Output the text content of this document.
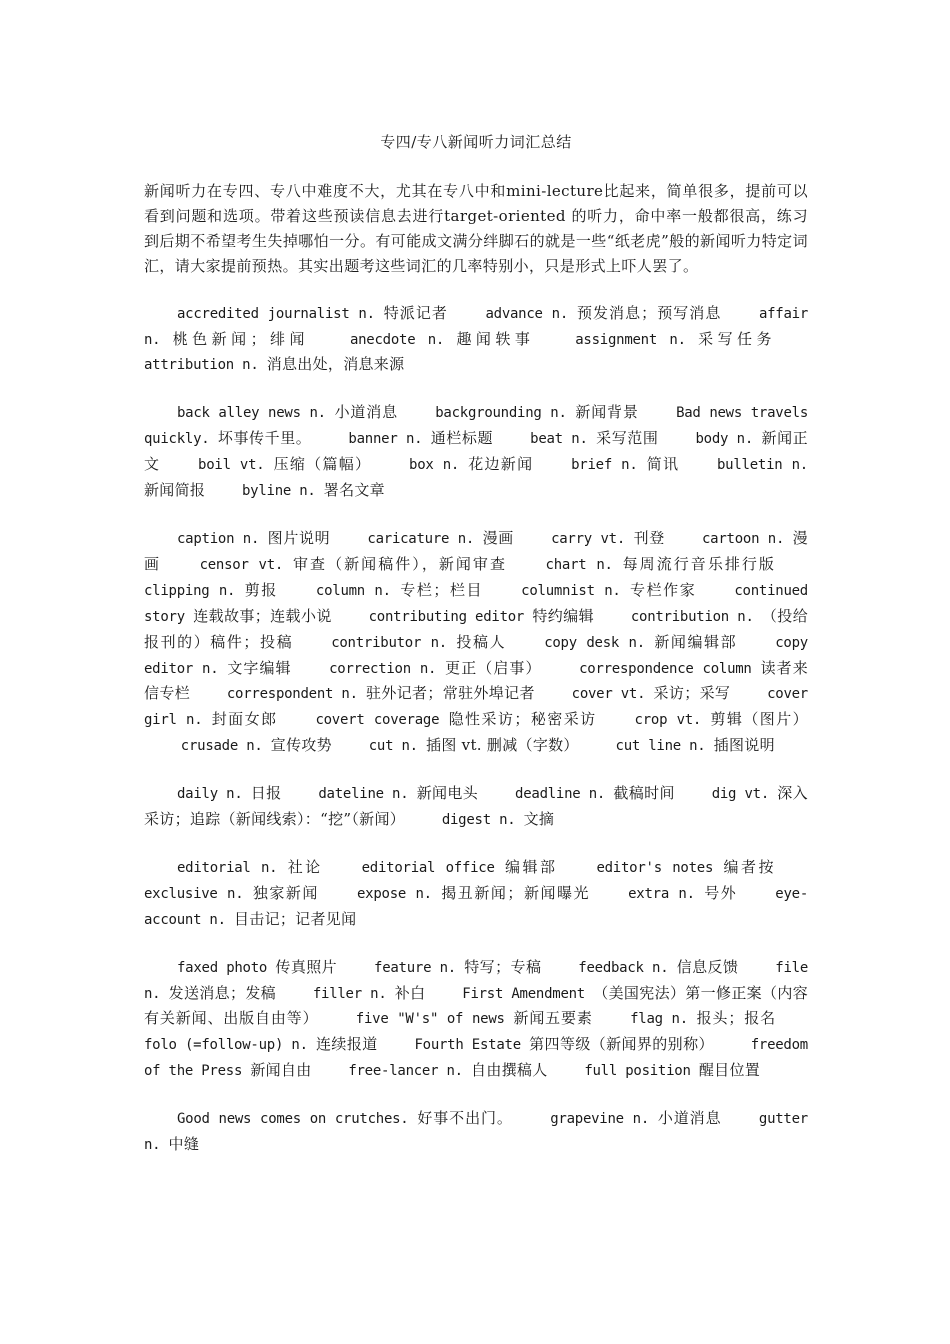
专四/专八新闻听力词汇总结
新闻听力在专四、专八中难度不大，尤其在专八中和mini-lecture比起来，简单很多，提前可以看到问题和选项。带着这些预读信息去进行target-oriented 的听力，命中率一般都很高，练习到后期不希望考生失掉哪怕一分。有可能成文满分绊脚石的就是一些“纸老虎”般的新闻听力特定词汇，请大家提前预热。其实出题考这些词汇的几率特别小，只是形式上吓人罢了。
accredited journalist n. 特派记者	advance n. 预发消息；预写消息	affair n. 桃色新闻；绯闻	anecdote n. 趣闻轶事	assignment n. 采写任务 attribution n. 消息出处，消息来源
back alley news n. 小道消息	backgrounding n. 新闻背景	Bad news travels quickly. 坏事传千里。	banner n. 通栏标题	beat n. 采写范围	body n. 新闻正文	boil vt. 压缩（篇幅）	box n. 花边新闻	brief n. 简讯	bulletin n. 新闻简报	byline n. 署名文章
caption n. 图片说明	caricature n. 漫画	carry vt. 刊登	cartoon n. 漫画	censor vt. 审查（新闻稿件），新闻审查	chart n. 每周流行音乐排行版 clipping n. 剪报	column n. 专栏；栏目	columnist n. 专栏作家	continued story 连载故事；连载小说	contributing editor 特约编辑	contribution n. （投给报刊的）稿件；投稿	contributor n. 投稿人	copy desk n. 新闻编辑部	copy editor n. 文字编辑	correction n. 更正（启事）	correspondence column 读者来信专栏	correspondent n. 驻外记者；常驻外埠记者	cover vt. 采访；采写	cover girl n. 封面女郎	covert coverage 隐性采访；秘密采访	crop vt. 剪辑（图片） crusade n. 宣传攻势	cut n. 插图 vt. 删减（字数）	cut line n. 插图说明
daily n. 日报	dateline n. 新闻电头	deadline n. 截稿时间	dig vt. 深入采访；追踪（新闻线索）：“挖”（新闻）	digest n. 文摘
editorial n. 社论	editorial office 编辑部	editor's notes 编者按 exclusive n. 独家新闻	expose n. 揭丑新闻；新闻曝光	extra n. 号外	eye-account n. 目击记；记者见闻
faxed photo 传真照片	feature n. 特写；专稿	feedback n. 信息反馈	file n. 发送消息；发稿	filler n. 补白	First Amendment （美国宪法）第一修正案（内容有关新闻、出版自由等）	five "W's" of news 新闻五要素	flag n. 报头；报名 folo (=follow-up) n. 连续报道	Fourth Estate 第四等级（新闻界的别称）	freedom of the Press 新闻自由	free-lancer n. 自由撰稿人	full position 醒目位置
Good news comes on crutches. 好事不出门。	grapevine n. 小道消息	gutter n. 中缝
